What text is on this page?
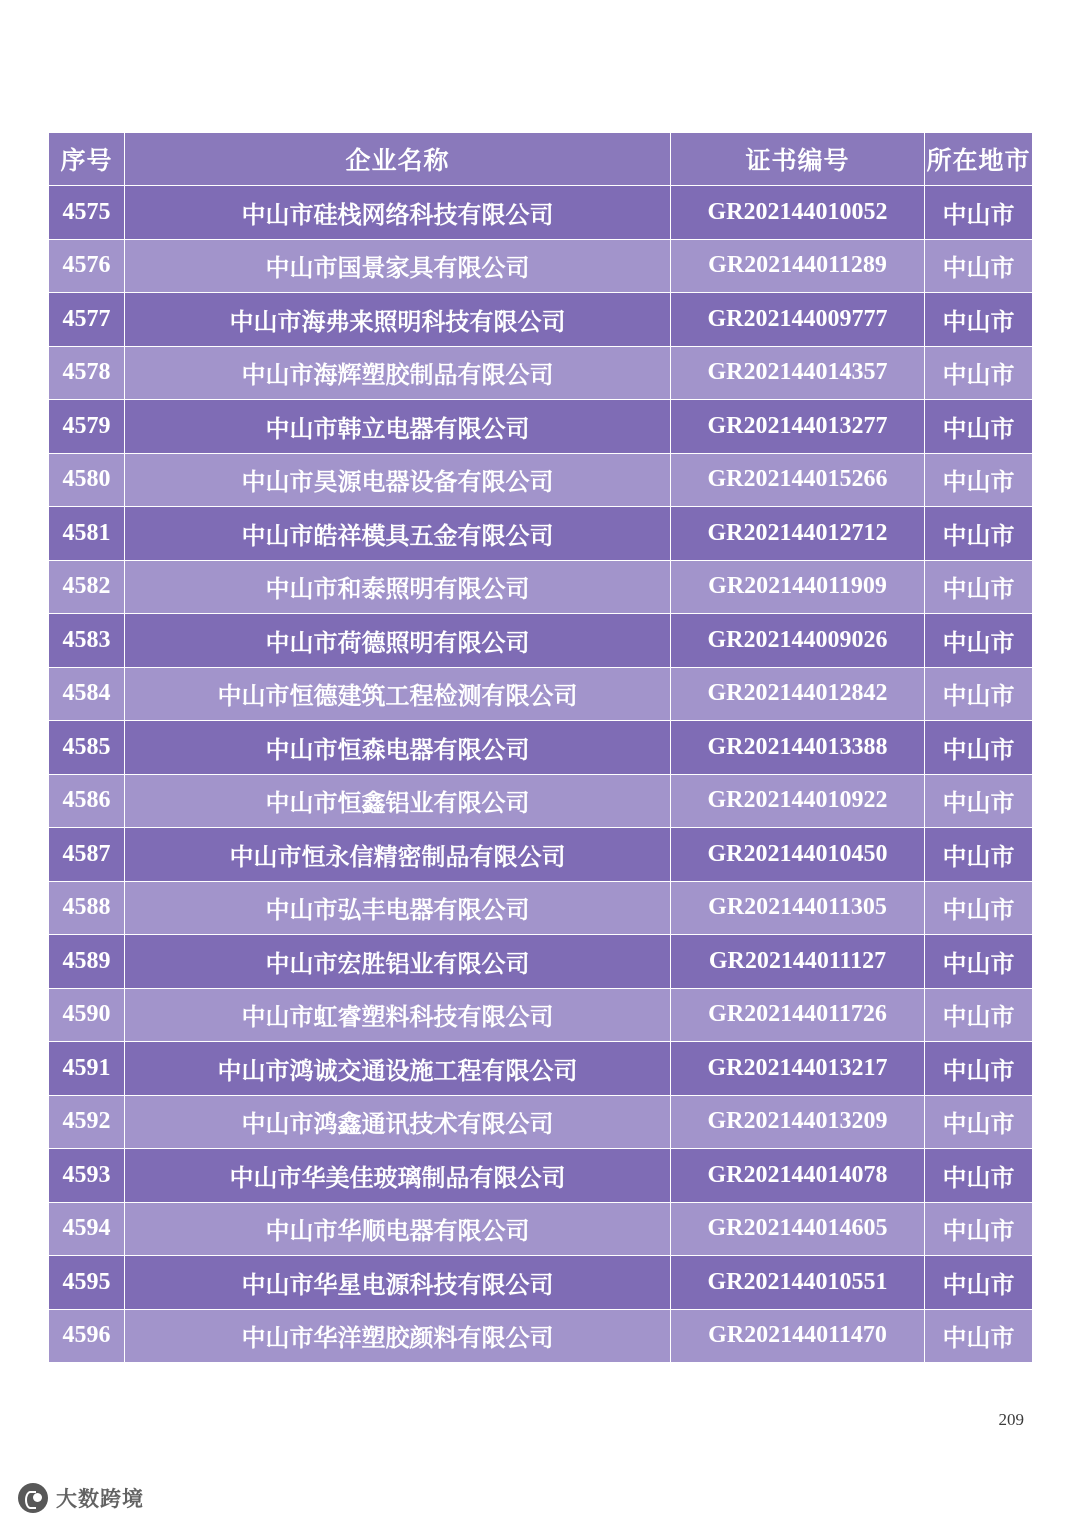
序号	企业名称	证书编号	所在地市
4575	中山市硅栈网络科技有限公司	GR202144010052	中山市
4576	中山市国景家具有限公司	GR202144011289	中山市
4577	中山市海弗来照明科技有限公司	GR202144009777	中山市
4578	中山市海辉塑胶制品有限公司	GR202144014357	中山市
4579	中山市韩立电器有限公司	GR202144013277	中山市
4580	中山市昊源电器设备有限公司	GR202144015266	中山市
4581	中山市皓祥模具五金有限公司	GR202144012712	中山市
4582	中山市和泰照明有限公司	GR202144011909	中山市
4583	中山市荷德照明有限公司	GR202144009026	中山市
4584	中山市恒德建筑工程检测有限公司	GR202144012842	中山市
4585	中山市恒森电器有限公司	GR202144013388	中山市
4586	中山市恒鑫铝业有限公司	GR202144010922	中山市
4587	中山市恒永信精密制品有限公司	GR202144010450	中山市
4588	中山市弘丰电器有限公司	GR202144011305	中山市
4589	中山市宏胜铝业有限公司	GR202144011127	中山市
4590	中山市虹睿塑料科技有限公司	GR202144011726	中山市
4591	中山市鸿诚交通设施工程有限公司	GR202144013217	中山市
4592	中山市鸿鑫通讯技术有限公司	GR202144013209	中山市
4593	中山市华美佳玻璃制品有限公司	GR202144014078	中山市
4594	中山市华顺电器有限公司	GR202144014605	中山市
4595	中山市华星电源科技有限公司	GR202144010551	中山市
4596	中山市华洋塑胶颜料有限公司	GR202144011470	中山市
209
大数跨境
